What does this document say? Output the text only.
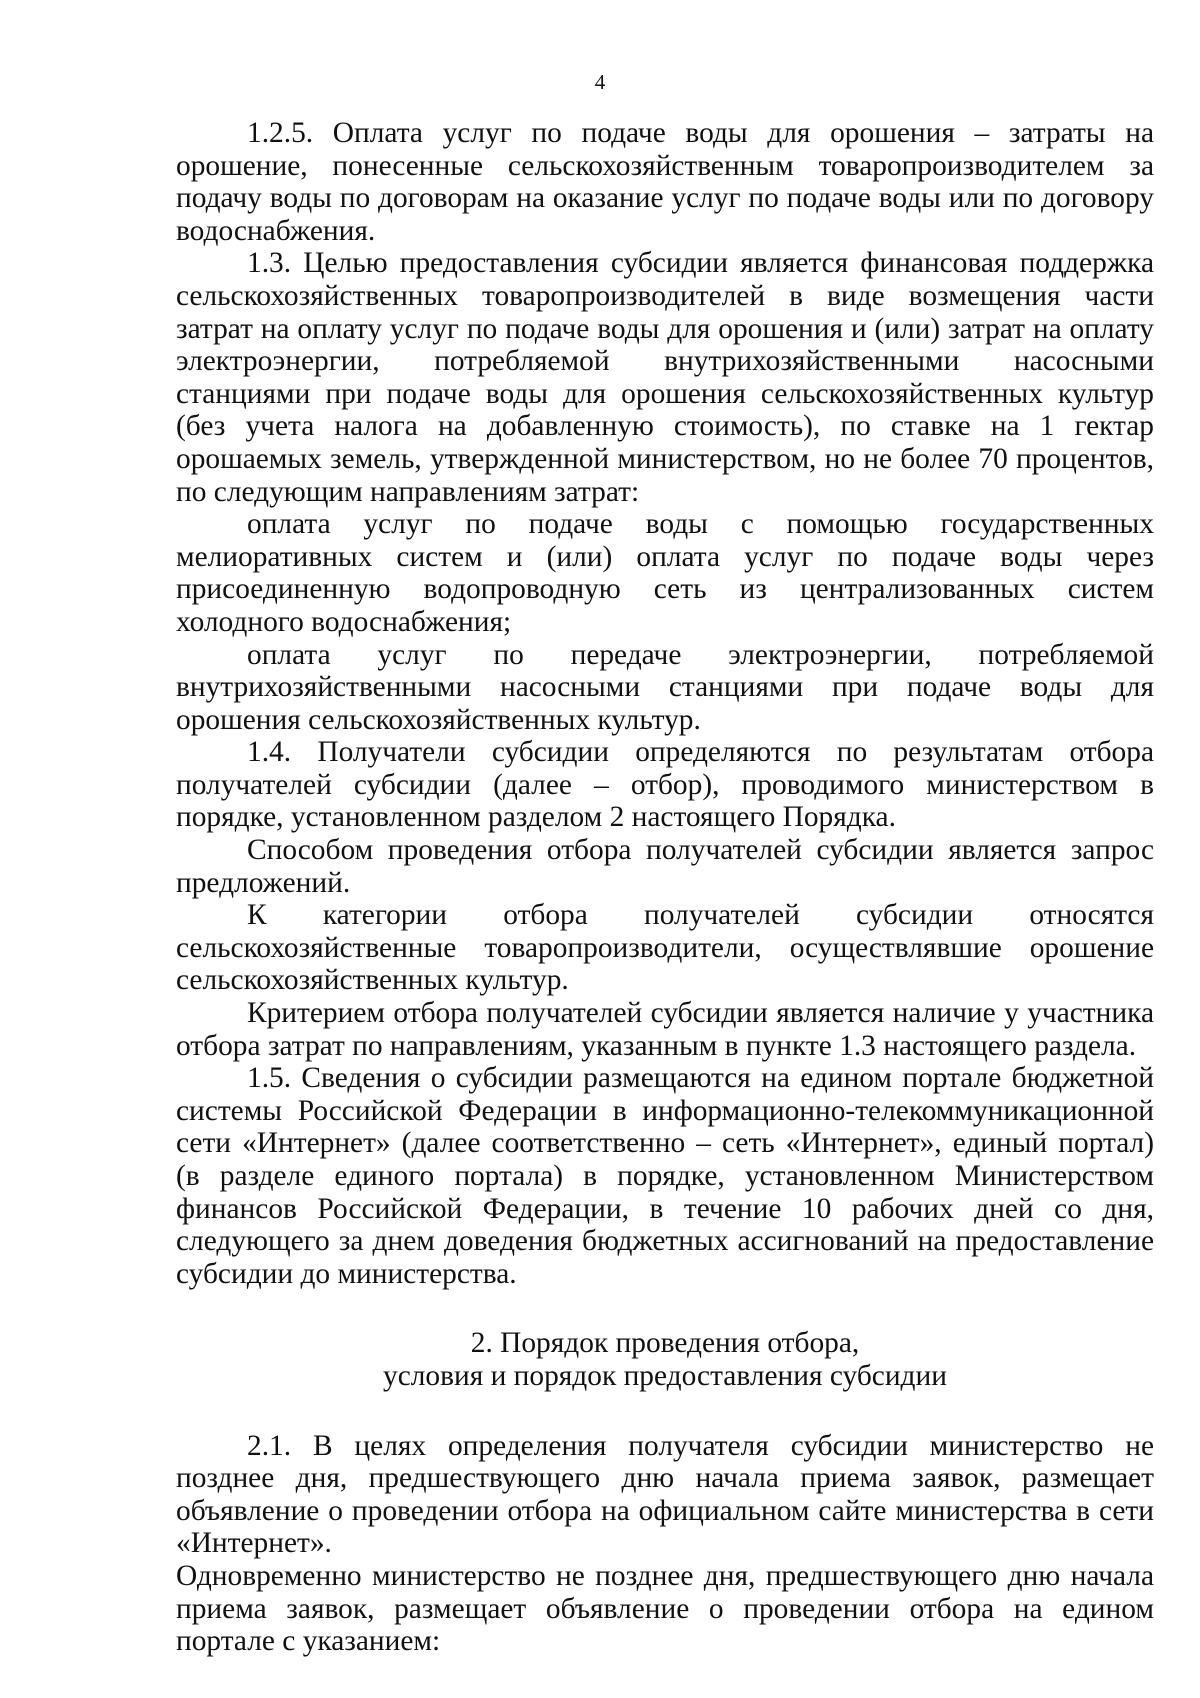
4

1.2.5. Оплата услуг по подаче воды для орошения – затраты на орошение, понесенные сельскохозяйственным товаропроизводителем за подачу воды по договорам на оказание услуг по подаче воды или по договору водоснабжения.

1.3. Целью предоставления субсидии является финансовая поддержка сельскохозяйственных товаропроизводителей в виде возмещения части затрат на оплату услуг по подаче воды для орошения и (или) затрат на оплату электроэнергии, потребляемой внутрихозяйственными насосными станциями при подаче воды для орошения сельскохозяйственных культур (без учета налога на добавленную стоимость), по ставке на 1 гектар орошаемых земель, утвержденной министерством, но не более 70 процентов, по следующим направлениям затрат:

оплата услуг по подаче воды с помощью государственных мелиоративных систем и (или) оплата услуг по подаче воды через присоединенную водопроводную сеть из централизованных систем холодного водоснабжения;

оплата услуг по передаче электроэнергии, потребляемой внутрихозяйственными насосными станциями при подаче воды для орошения сельскохозяйственных культур.

1.4. Получатели субсидии определяются по результатам отбора получателей субсидии (далее – отбор), проводимого министерством в порядке, установленном разделом 2 настоящего Порядка.

Способом проведения отбора получателей субсидии является запрос предложений.

К категории отбора получателей субсидии относятся сельскохозяйственные товаропроизводители, осуществлявшие орошение сельскохозяйственных культур.

Критерием отбора получателей субсидии является наличие у участника отбора затрат по направлениям, указанным в пункте 1.3 настоящего раздела.

1.5. Сведения о субсидии размещаются на едином портале бюджетной системы Российской Федерации в информационно-телекоммуникационной сети «Интернет» (далее соответственно – сеть «Интернет», единый портал) (в разделе единого портала) в порядке, установленном Министерством финансов Российской Федерации, в течение 10 рабочих дней со дня, следующего за днем доведения бюджетных ассигнований на предоставление субсидии до министерства.

2. Порядок проведения отбора,
условия и порядок предоставления субсидии

2.1. В целях определения получателя субсидии министерство не позднее дня, предшествующего дню начала приема заявок, размещает объявление о проведении отбора на официальном сайте министерства в сети «Интернет».

Одновременно министерство не позднее дня, предшествующего дню начала приема заявок, размещает объявление о проведении отбора на едином портале с указанием:
